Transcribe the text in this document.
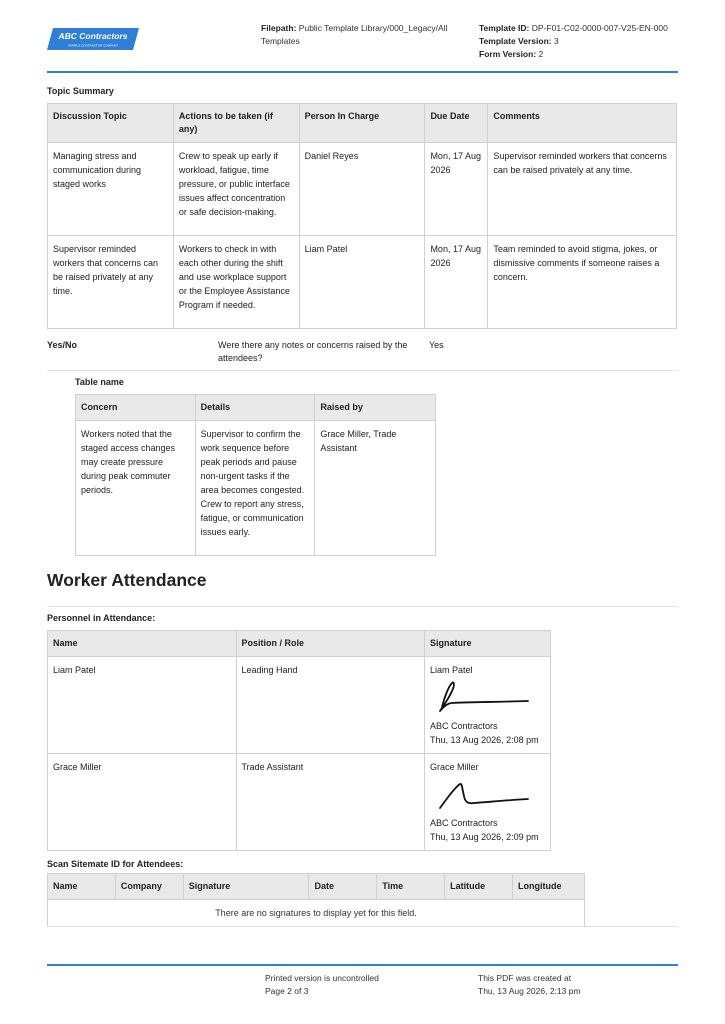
ABC Contractors
SAMPLE CONTRACTOR COMPANY
Filepath: Public Template Library/000_Legacy/All Templates
Template ID: DP-F01-C02-0000-007-V25-EN-000
Template Version: 3
Form Version: 2
Topic Summary
Discussion Topic	Actions to be taken (if any)	Person In Charge	Due Date	Comments
Managing stress and communication during staged works	Crew to speak up early if workload, fatigue, time pressure, or public interface issues affect concentration or safe decision-making.	Daniel Reyes	Mon, 17 Aug 2026	Supervisor reminded workers that concerns can be raised privately at any time.
Supervisor reminded workers that concerns can be raised privately at any time.	Workers to check in with each other during the shift and use workplace support or the Employee Assistance Program if needed.	Liam Patel	Mon, 17 Aug 2026	Team reminded to avoid stigma, jokes, or dismissive comments if someone raises a concern.
Yes/No	Were there any notes or concerns raised by the attendees?
Yes
Table name
Concern	Details	Raised by
Workers noted that the staged access changes may create pressure during peak commuter periods.	Supervisor to confirm the work sequence before peak periods and pause non-urgent tasks if the area becomes congested. Crew to report any stress, fatigue, or communication issues early.	Grace Miller, Trade Assistant
Worker Attendance
Personnel in Attendance:
Name	Position / Role	Signature
Liam Patel	Leading Hand	Liam Patel
ABC Contractors
Thu, 13 Aug 2026, 2:08 pm

Grace Miller	Trade Assistant	Grace Miller
ABC Contractors
Thu, 13 Aug 2026, 2:09 pm
Scan Sitemate ID for Attendees:
Name	Company	Signature	Date	Time	Latitude	Longitude
There are no signatures to display yet for this field.
Printed version is uncontrolled
Page 2 of 3
This PDF was created at
Thu, 13 Aug 2026, 2:13 pm
